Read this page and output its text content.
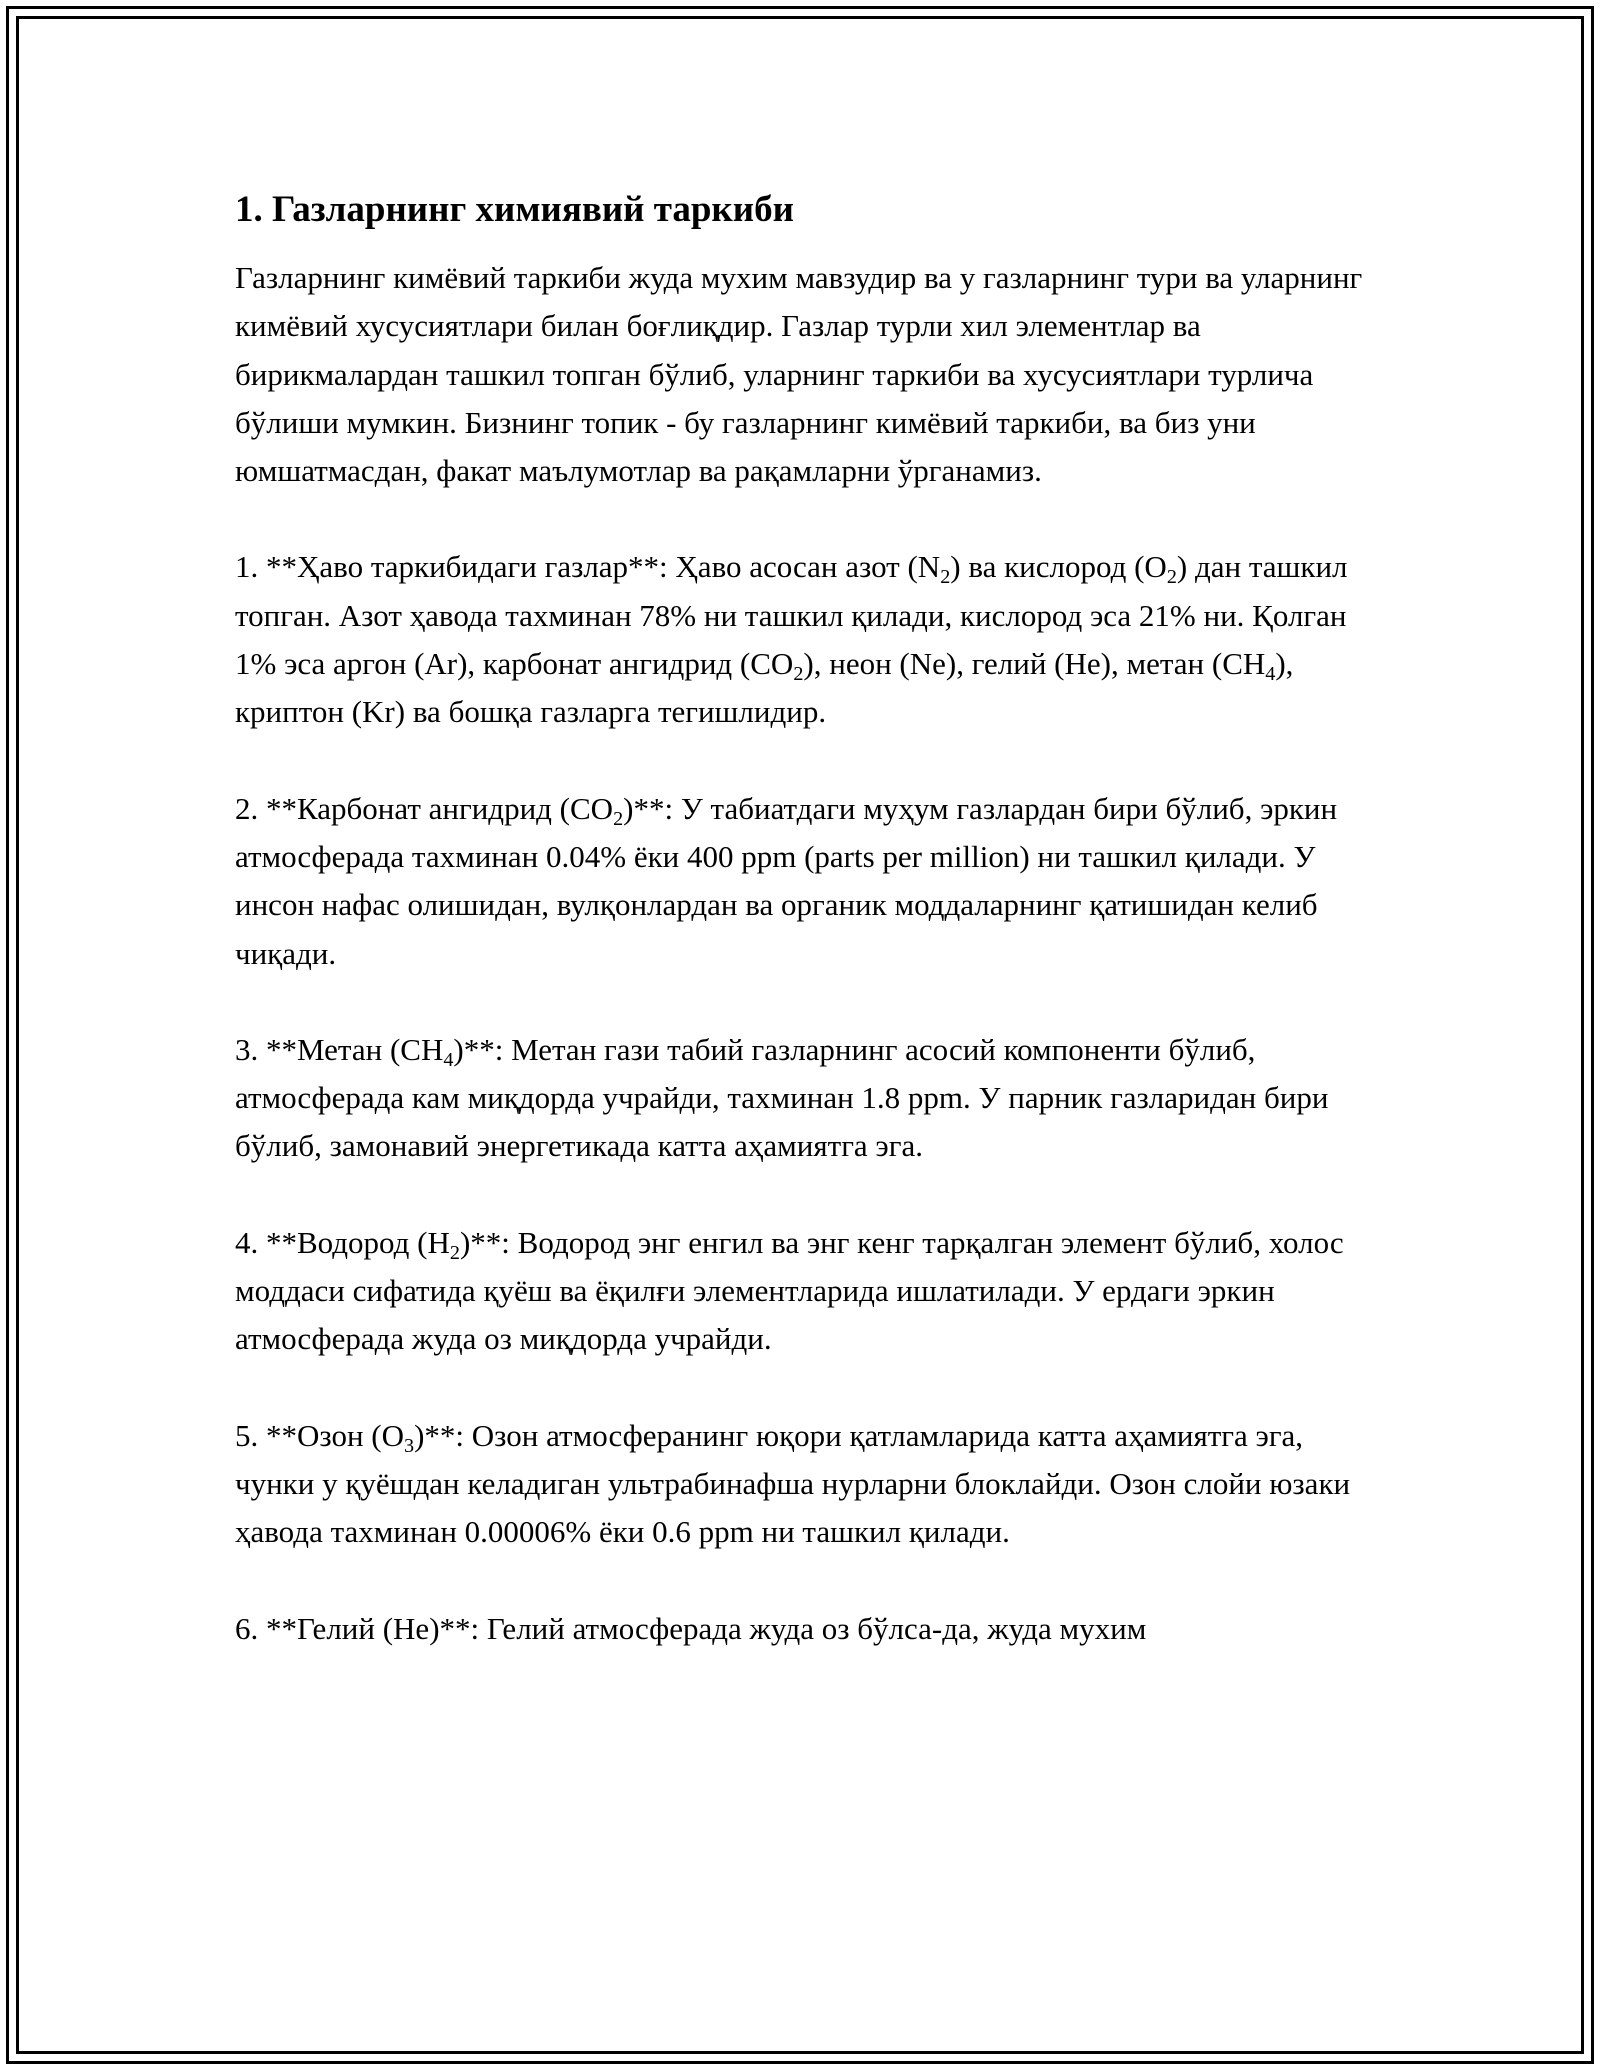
1. Газларнинг химиявий таркиби

Газларнинг кимёвий таркиби жуда мухим мавзудир ва у газларнинг тури ва уларнинг кимёвий хусусиятлари билан боғлиқдир. Газлар турли хил элементлар ва бирикмалардан ташкил топган бўлиб, уларнинг таркиби ва хусусиятлари турлича бўлиши мумкин. Бизнинг топик - бу газларнинг кимёвий таркиби, ва биз уни юмшатмасдан, факат маълумотлар ва рақамларни ўрганамиз.

1. **Ҳаво таркибидаги газлар**: Ҳаво асосан азот $(N_2)$ ва кислород $(O_2)$ дан ташкил топган. Азот ҳавода тахминан 78% ни ташкил қилади, кислород эса 21% ни. Қолган 1% эса аргон (Ar), карбонат ангидрид $(CO_2)$, неон (Ne), гелий (He), метан $(CH_4)$, криптон (Kr) ва бошқа газларга тегишлидир.

2. **Карбонат ангидрид $(CO_2)**$: У табиатдаги муҳум газлардан бири бўлиб, эркин атмосферада тахминан 0.04% ёки 400 ppm (parts per million) ни ташкил қилади. У инсон нафас олишидан, вулқонлардан ва органик моддаларнинг қатишидан келиб чиқади.

3. **Метан $(CH_4)**$: Метан гази табий газларнинг асосий компоненти бўлиб, атмосферада кам миқдорда учрайди, тахминан 1.8 ppm. У парник газларидан бири бўлиб, замонавий энергетикада катта аҳамиятга эга.

4. **Водород $(H_2)**$: Водород энг енгил ва энг кенг тарқалган элемент бўлиб, холос моддаси сифатида қуёш ва ёқилғи элементларида ишлатилади. У ердаги эркин атмосферада жуда оз миқдорда учрайди.

5. **Озон $(O_3)**$: Озон атмосферанинг юқори қатламларида катта аҳамиятга эга, чунки у қуёшдан келадиган ультрабинафша нурларни блоклайди. Озон слойи юзаки ҳавода тахминан 0.00006% ёки 0.6 ppm ни ташкил қилади.

6. **Гелий (He)**: Гелий атмосферада жуда оз бўлса-да, жуда мухим
